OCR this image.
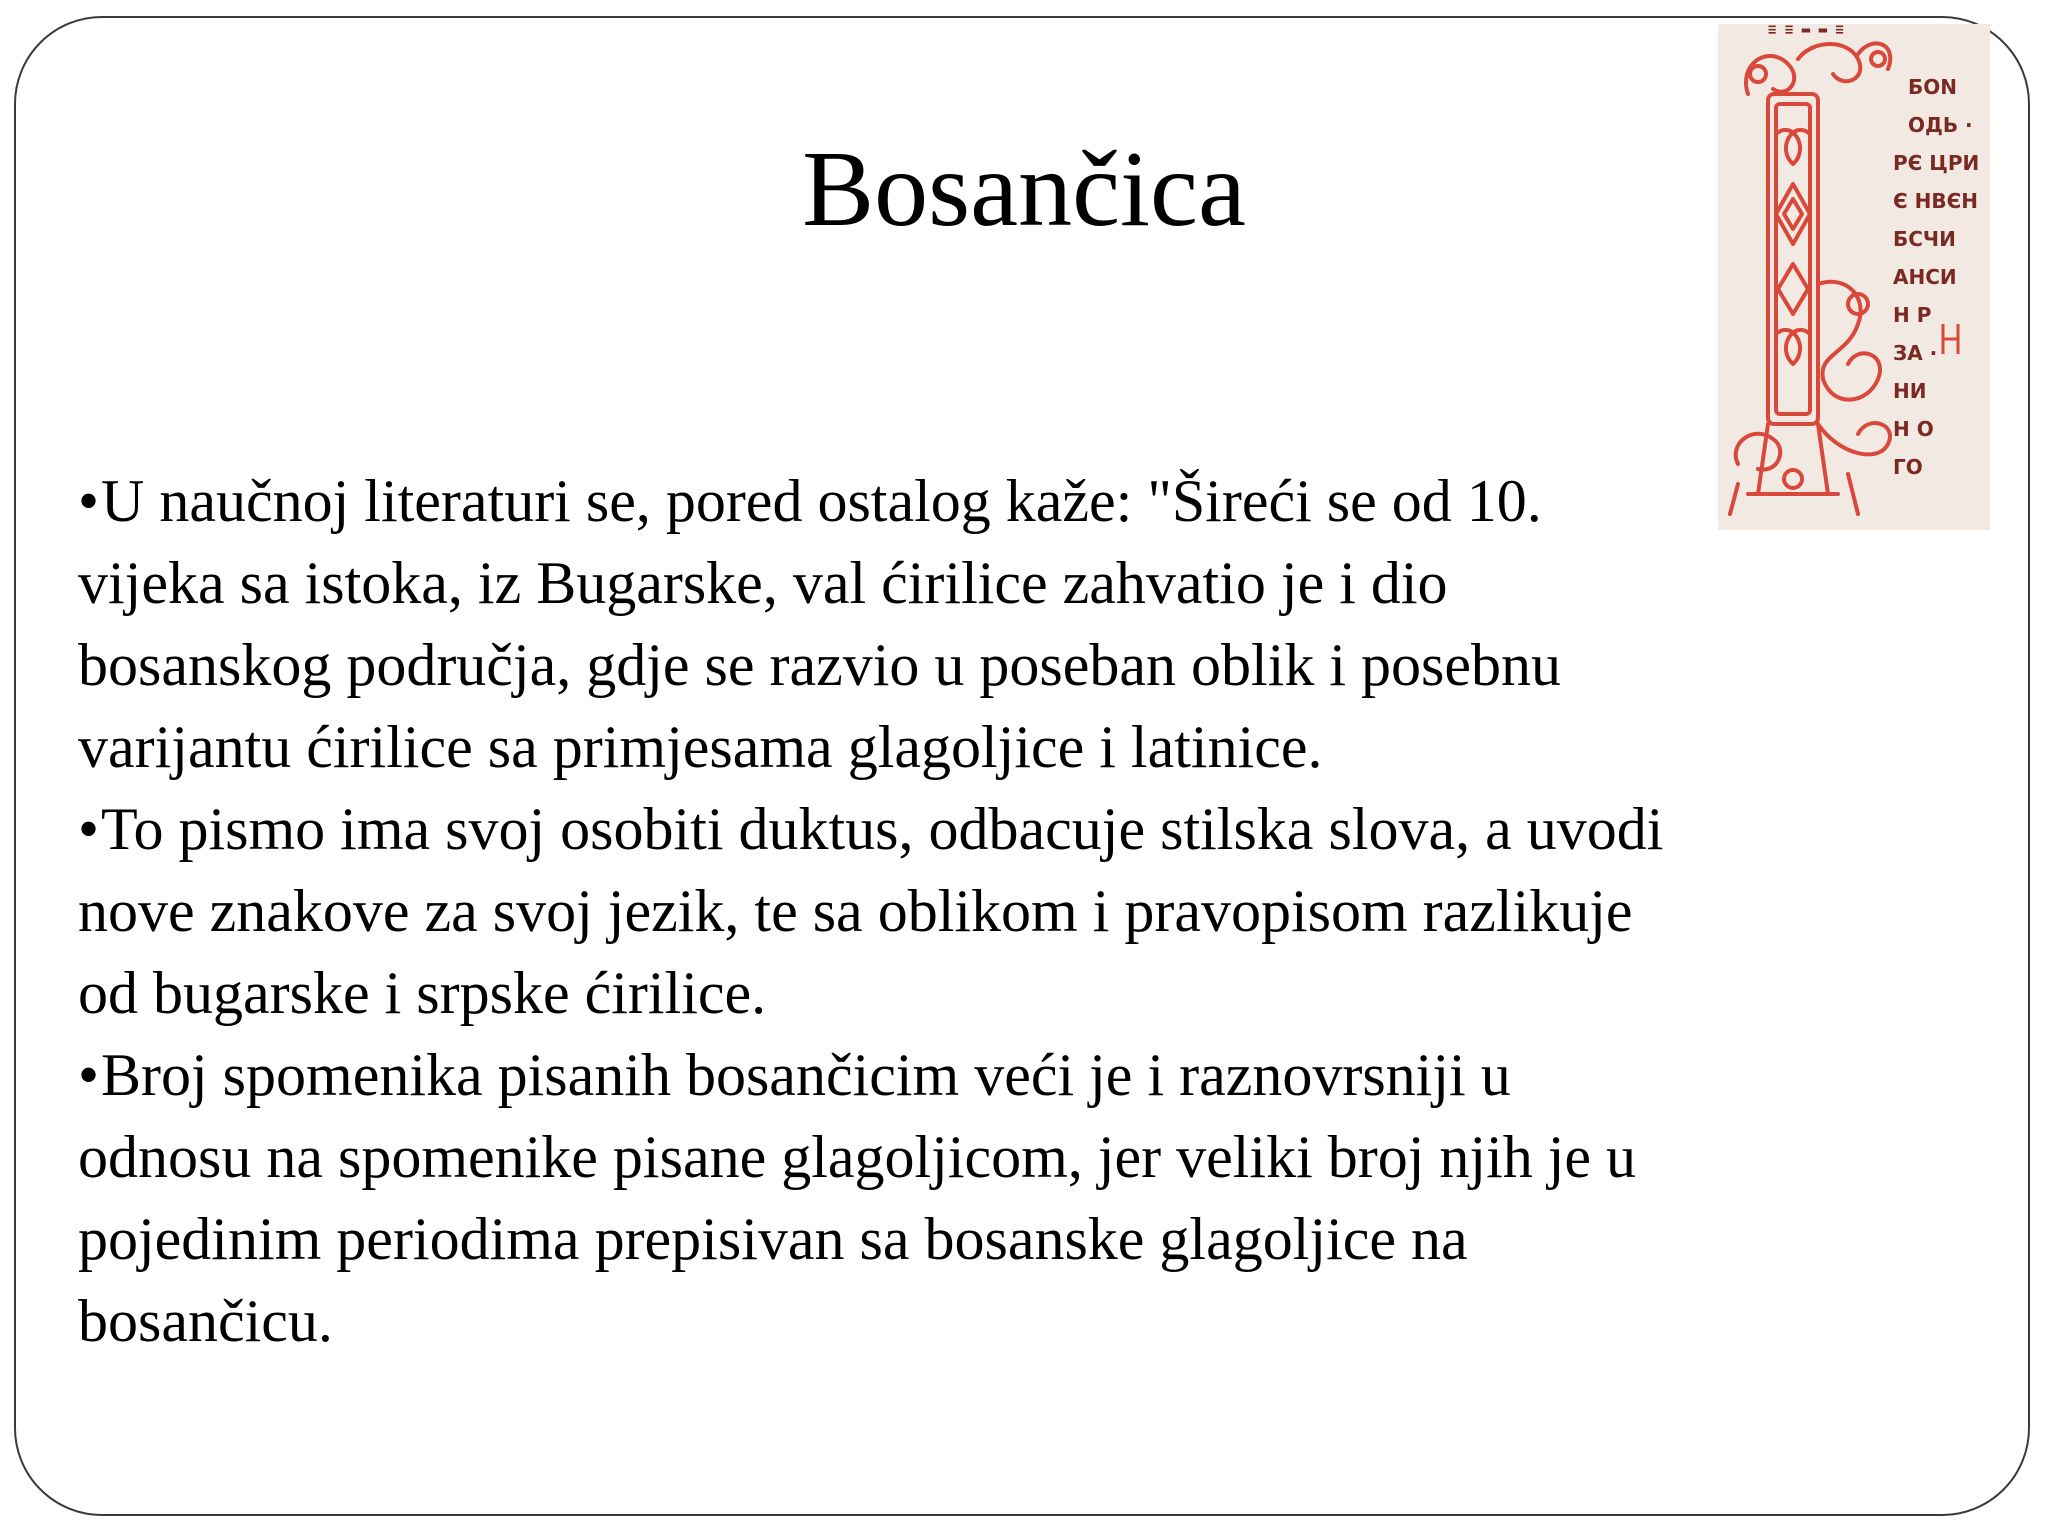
Bosančica

•U naučnoj literaturi se, pored ostalog kaže: "Šireći se od 10. vijeka sa istoka, iz Bugarske, val ćirilice zahvatio je i dio bosanskog područja, gdje se razvio u poseban oblik i posebnu varijantu ćirilice sa primjesama glagoljice i latinice.

•To pismo ima svoj osobiti duktus, odbacuje stilska slova, a uvodi nove znakove za svoj jezik, te sa oblikom i pravopisom razlikuje od bugarske i srpske ćirilice.

•Broj spomenika pisanih bosančicim veći je i raznovrsniji u odnosu na spomenike pisane glagoljicom, jer veliki broj njih je u pojedinim periodima prepisivan sa bosanske glagoljice na bosančicu.

≡ ≡ ▬ ▬ ≡
БОN
ОДЬ ·
РЄ ЦРИ
Є НВЄН
БСЧИ
АНСИ
Н Р
ЗА ·
НИ
Н О
ГО
